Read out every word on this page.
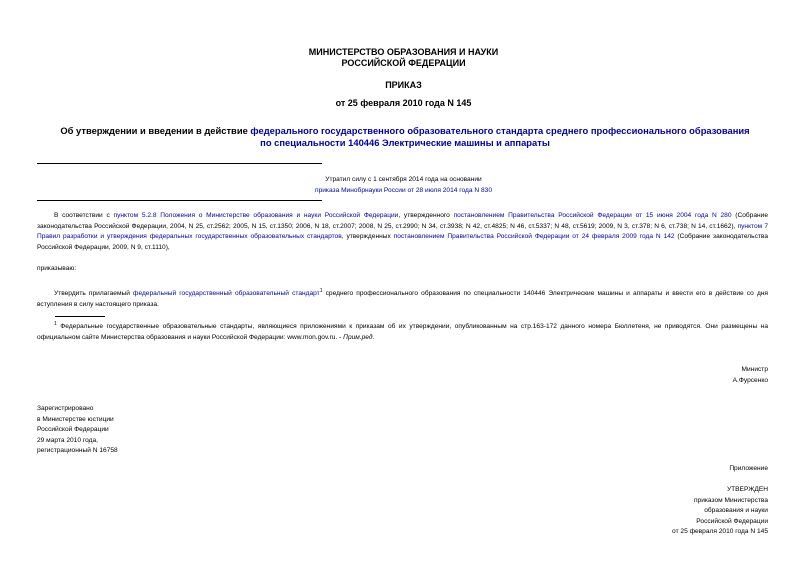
МИНИСТЕРСТВО ОБРАЗОВАНИЯ И НАУКИ
РОССИЙСКОЙ ФЕДЕРАЦИИ
ПРИКАЗ
от 25 февраля 2010 года N 145
Об утверждении и введении в действие федерального государственного образовательного стандарта среднего профессионального образования по специальности 140446 Электрические машины и аппараты
Утратил силу с 1 сентября 2014 года на основании
приказа Минобрнауки России от 28 июля 2014 года N 830
В соответствии с пунктом 5.2.8 Положения о Министерстве образования и науки Российской Федерации, утвержденного постановлением Правительства Российской Федерации от 15 июня 2004 года N 280 (Собрание законодательства Российской Федерации, 2004, N 25, ст.2562; 2005, N 15, ст.1350; 2006, N 18, ст.2007; 2008, N 25, ст.2990; N 34, ст.3938; N 42, ст.4825; N 46, ст.5337; N 48, ст.5619; 2009, N 3, ст.378; N 6, ст.738; N 14, ст.1662), пунктом 7 Правил разработки и утверждения федеральных государственных образовательных стандартов, утвержденных постановлением Правительства Российской Федерации от 24 февраля 2009 года N 142 (Собрание законодательства Российской Федерации, 2009, N 9, ст.1110),
приказываю:
Утвердить прилагаемый федеральный государственный образовательный стандарт$^1$ среднего профессионального образования по специальности 140446 Электрические машины и аппараты и ввести его в действие со дня вступления в силу настоящего приказа.
$^1$ Федеральные государственные образовательные стандарты, являющиеся приложениями к приказам об их утверждении, опубликованным на стр.163-172 данного номера Бюллетеня, не приводятся. Они размещены на официальном сайте Министерства образования и науки Российской Федерации: www.mon.gov.ru. - Прим.ред.
Министр
А.Фурсенко
Зарегистрировано
в Министерстве юстиции
Российской Федерации
29 марта 2010 года,
регистрационный N 16758
Приложение
УТВЕРЖДЕН
приказом Министерства
образования и науки
Российской Федерации
от 25 февраля 2010 года N 145
